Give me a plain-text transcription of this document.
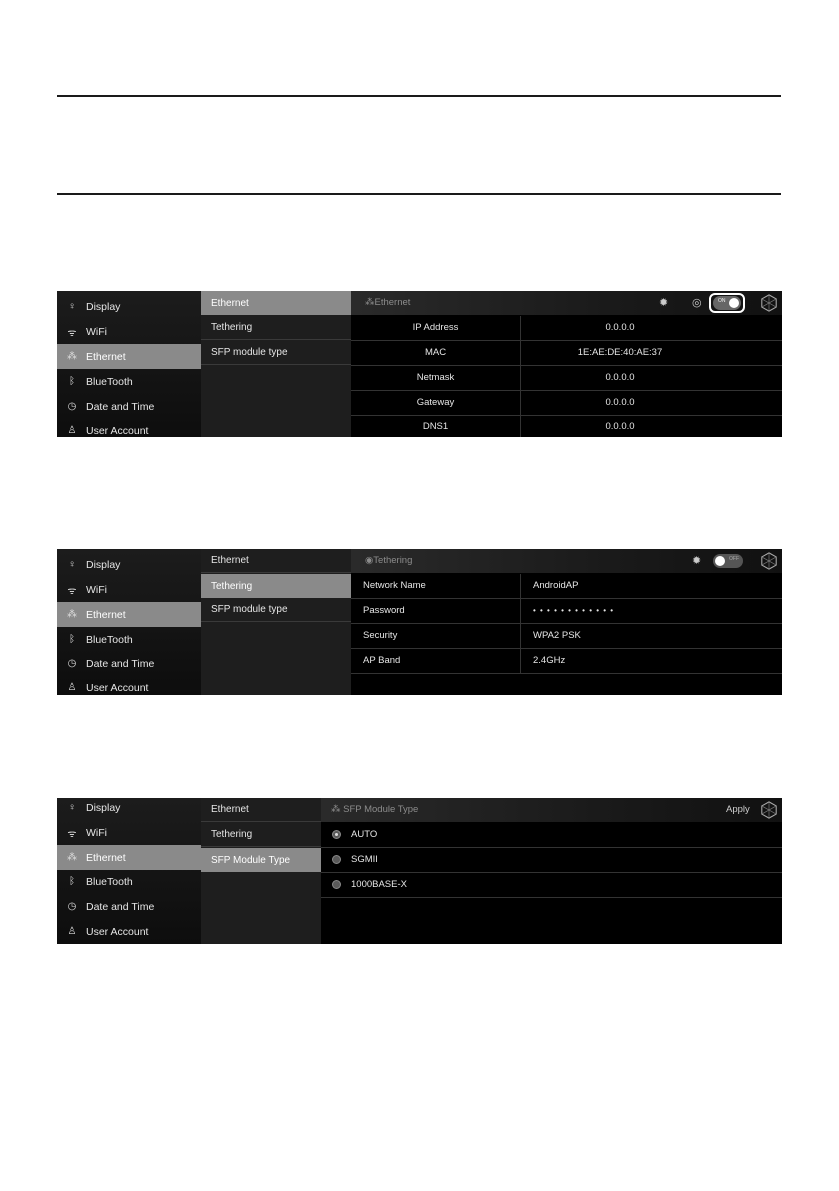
♀ Display
ᯤ WiFi
⁂ Ethernet
ᛒ	BlueTooth
◷ Date and Time
♙ User Account
Ethernet
Tethering
SFP module type
⁂Ethernet	✹ ◎	ON
IP Address	0.0.0.0
MAC	1E:AE:DE:40:AE:37
Netmask	0.0.0.0
Gateway	0.0.0.0
DNS1	0.0.0.0
♀ Display
ᯤ WiFi
⁂ Ethernet
ᛒ	BlueTooth
◷ Date and Time
♙ User Account
Ethernet
Tethering
SFP module type
◉Tethering	✹	OFF
Network Name	AndroidAP
Password	• • • • • • • • • • • •
Security	WPA2 PSK
AP Band	2.4GHz
♀ Display
ᯤ WiFi
⁂ Ethernet
ᛒ	BlueTooth
◷ Date and Time
♙ User Account
Ethernet
Tethering
SFP Module Type
⁂ SFP Module Type	Apply
AUTO
SGMII
1000BASE-X
